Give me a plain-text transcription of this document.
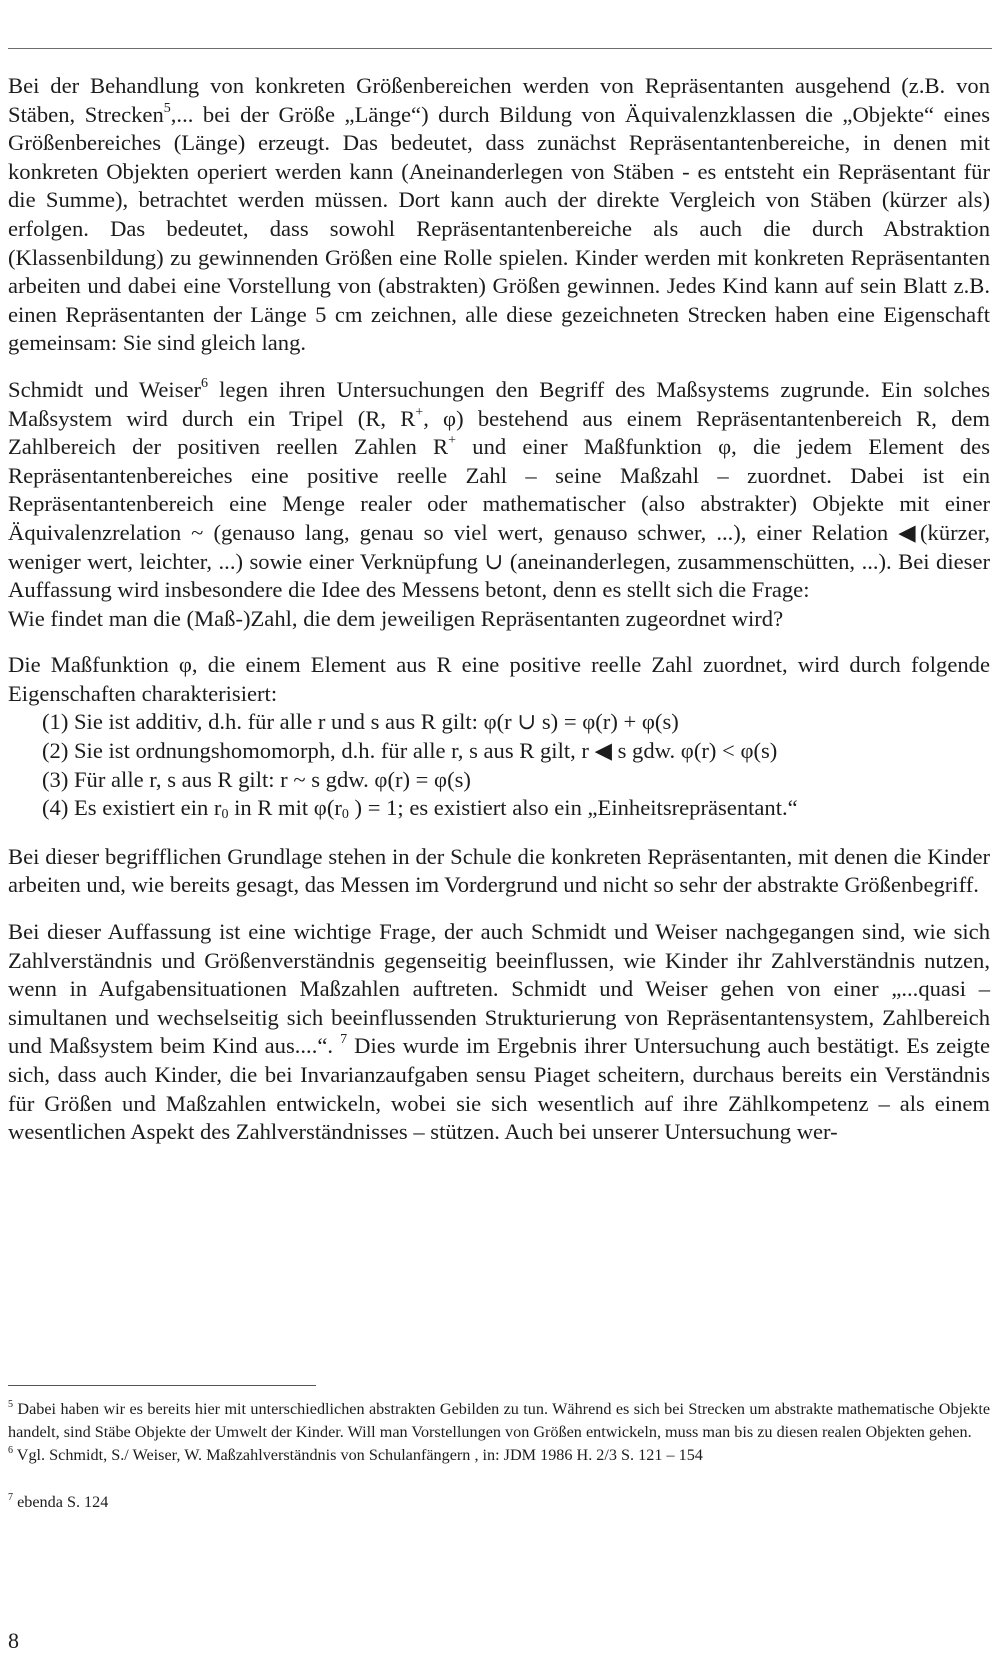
Bei der Behandlung von konkreten Größenbereichen werden von Repräsentanten ausgehend (z.B. von Stäben, Strecken$^5$,... bei der Größe „Länge“) durch Bildung von Äquivalenzklassen die „Objekte“ eines Größenbereiches (Länge) erzeugt. Das bedeutet, dass zunächst Repräsentantenbereiche, in denen mit konkreten Objekten operiert werden kann (Aneinanderlegen von Stäben - es entsteht ein Repräsentant für die Summe), betrachtet werden müssen. Dort kann auch der direkte Vergleich von Stäben (kürzer als) erfolgen. Das bedeutet, dass sowohl Repräsentantenbereiche als auch die durch Abstraktion (Klassenbildung) zu gewinnenden Größen eine Rolle spielen. Kinder werden mit konkreten Repräsentanten arbeiten und dabei eine Vorstellung von (abstrakten) Größen gewinnen. Jedes Kind kann auf sein Blatt z.B. einen Repräsentanten der Länge 5 cm zeichnen, alle diese gezeichneten Strecken haben eine Eigenschaft gemeinsam: Sie sind gleich lang.

Schmidt und Weiser$^6$ legen ihren Untersuchungen den Begriff des Maßsystems zugrunde. Ein solches Maßsystem wird durch ein Tripel (R, R+, φ) bestehend aus einem Repräsentantenbereich R, dem Zahlbereich der positiven reellen Zahlen R+ und einer Maßfunktion φ, die jedem Element des Repräsentantenbereiches eine positive reelle Zahl – seine Maßzahl – zuordnet. Dabei ist ein Repräsentantenbereich eine Menge realer oder mathematischer (also abstrakter) Objekte mit einer Äquivalenzrelation ~ (genauso lang, genau so viel wert, genauso schwer, ...), einer Relation ◀(kürzer, weniger wert, leichter, ...) sowie einer Verknüpfung ∪ (aneinanderlegen, zusammenschütten, ...). Bei dieser Auffassung wird insbesondere die Idee des Messens betont, denn es stellt sich die Frage:

Wie findet man die (Maß-)Zahl, die dem jeweiligen Repräsentanten zugeordnet wird?

Die Maßfunktion φ, die einem Element aus R eine positive reelle Zahl zuordnet, wird durch folgende Eigenschaften charakterisiert:

(1) Sie ist additiv, d.h. für alle r und s aus R gilt: φ(r ∪ s) = φ(r) + φ(s)
(2) Sie ist ordnungshomomorph, d.h. für alle r, s aus R gilt, r ◀ s gdw. φ(r) < φ(s)
(3) Für alle r, s aus R gilt: r ~ s gdw. φ(r) = φ(s)
(4) Es existiert ein $r_0$ in R mit $\varphi(r_0$ ) = 1; es existiert also ein „Einheitsrepräsentant.“

Bei dieser begrifflichen Grundlage stehen in der Schule die konkreten Repräsentanten, mit denen die Kinder arbeiten und, wie bereits gesagt, das Messen im Vordergrund und nicht so sehr der abstrakte Größenbegriff.

Bei dieser Auffassung ist eine wichtige Frage, der auch Schmidt und Weiser nachgegangen sind, wie sich Zahlverständnis und Größenverständnis gegenseitig beeinflussen, wie Kinder ihr Zahlverständnis nutzen, wenn in Aufgabensituationen Maßzahlen auftreten. Schmidt und Weiser gehen von einer „...quasi – simultanen und wechselseitig sich beeinflussenden Strukturierung von Repräsentantensystem, Zahlbereich und Maßsystem beim Kind aus....“. $^7$ Dies wurde im Ergebnis ihrer Untersuchung auch bestätigt. Es zeigte sich, dass auch Kinder, die bei Invarianzaufgaben sensu Piaget scheitern, durchaus bereits ein Verständnis für Größen und Maßzahlen entwickeln, wobei sie sich wesentlich auf ihre Zählkompetenz – als einem wesentlichen Aspekt des Zahlverständnisses – stützen. Auch bei unserer Untersuchung wer-

$^5$ Dabei haben wir es bereits hier mit unterschiedlichen abstrakten Gebilden zu tun. Während es sich bei Strecken um abstrakte mathematische Objekte handelt, sind Stäbe Objekte der Umwelt der Kinder. Will man Vorstellungen von Größen entwickeln, muss man bis zu diesen realen Objekten gehen.

$^6$ Vgl. Schmidt, S./ Weiser, W. Maßzahlverständnis von Schulanfängern , in: JDM 1986 H. 2/3 S. 121 – 154

$^7$ ebenda S. 124

8
